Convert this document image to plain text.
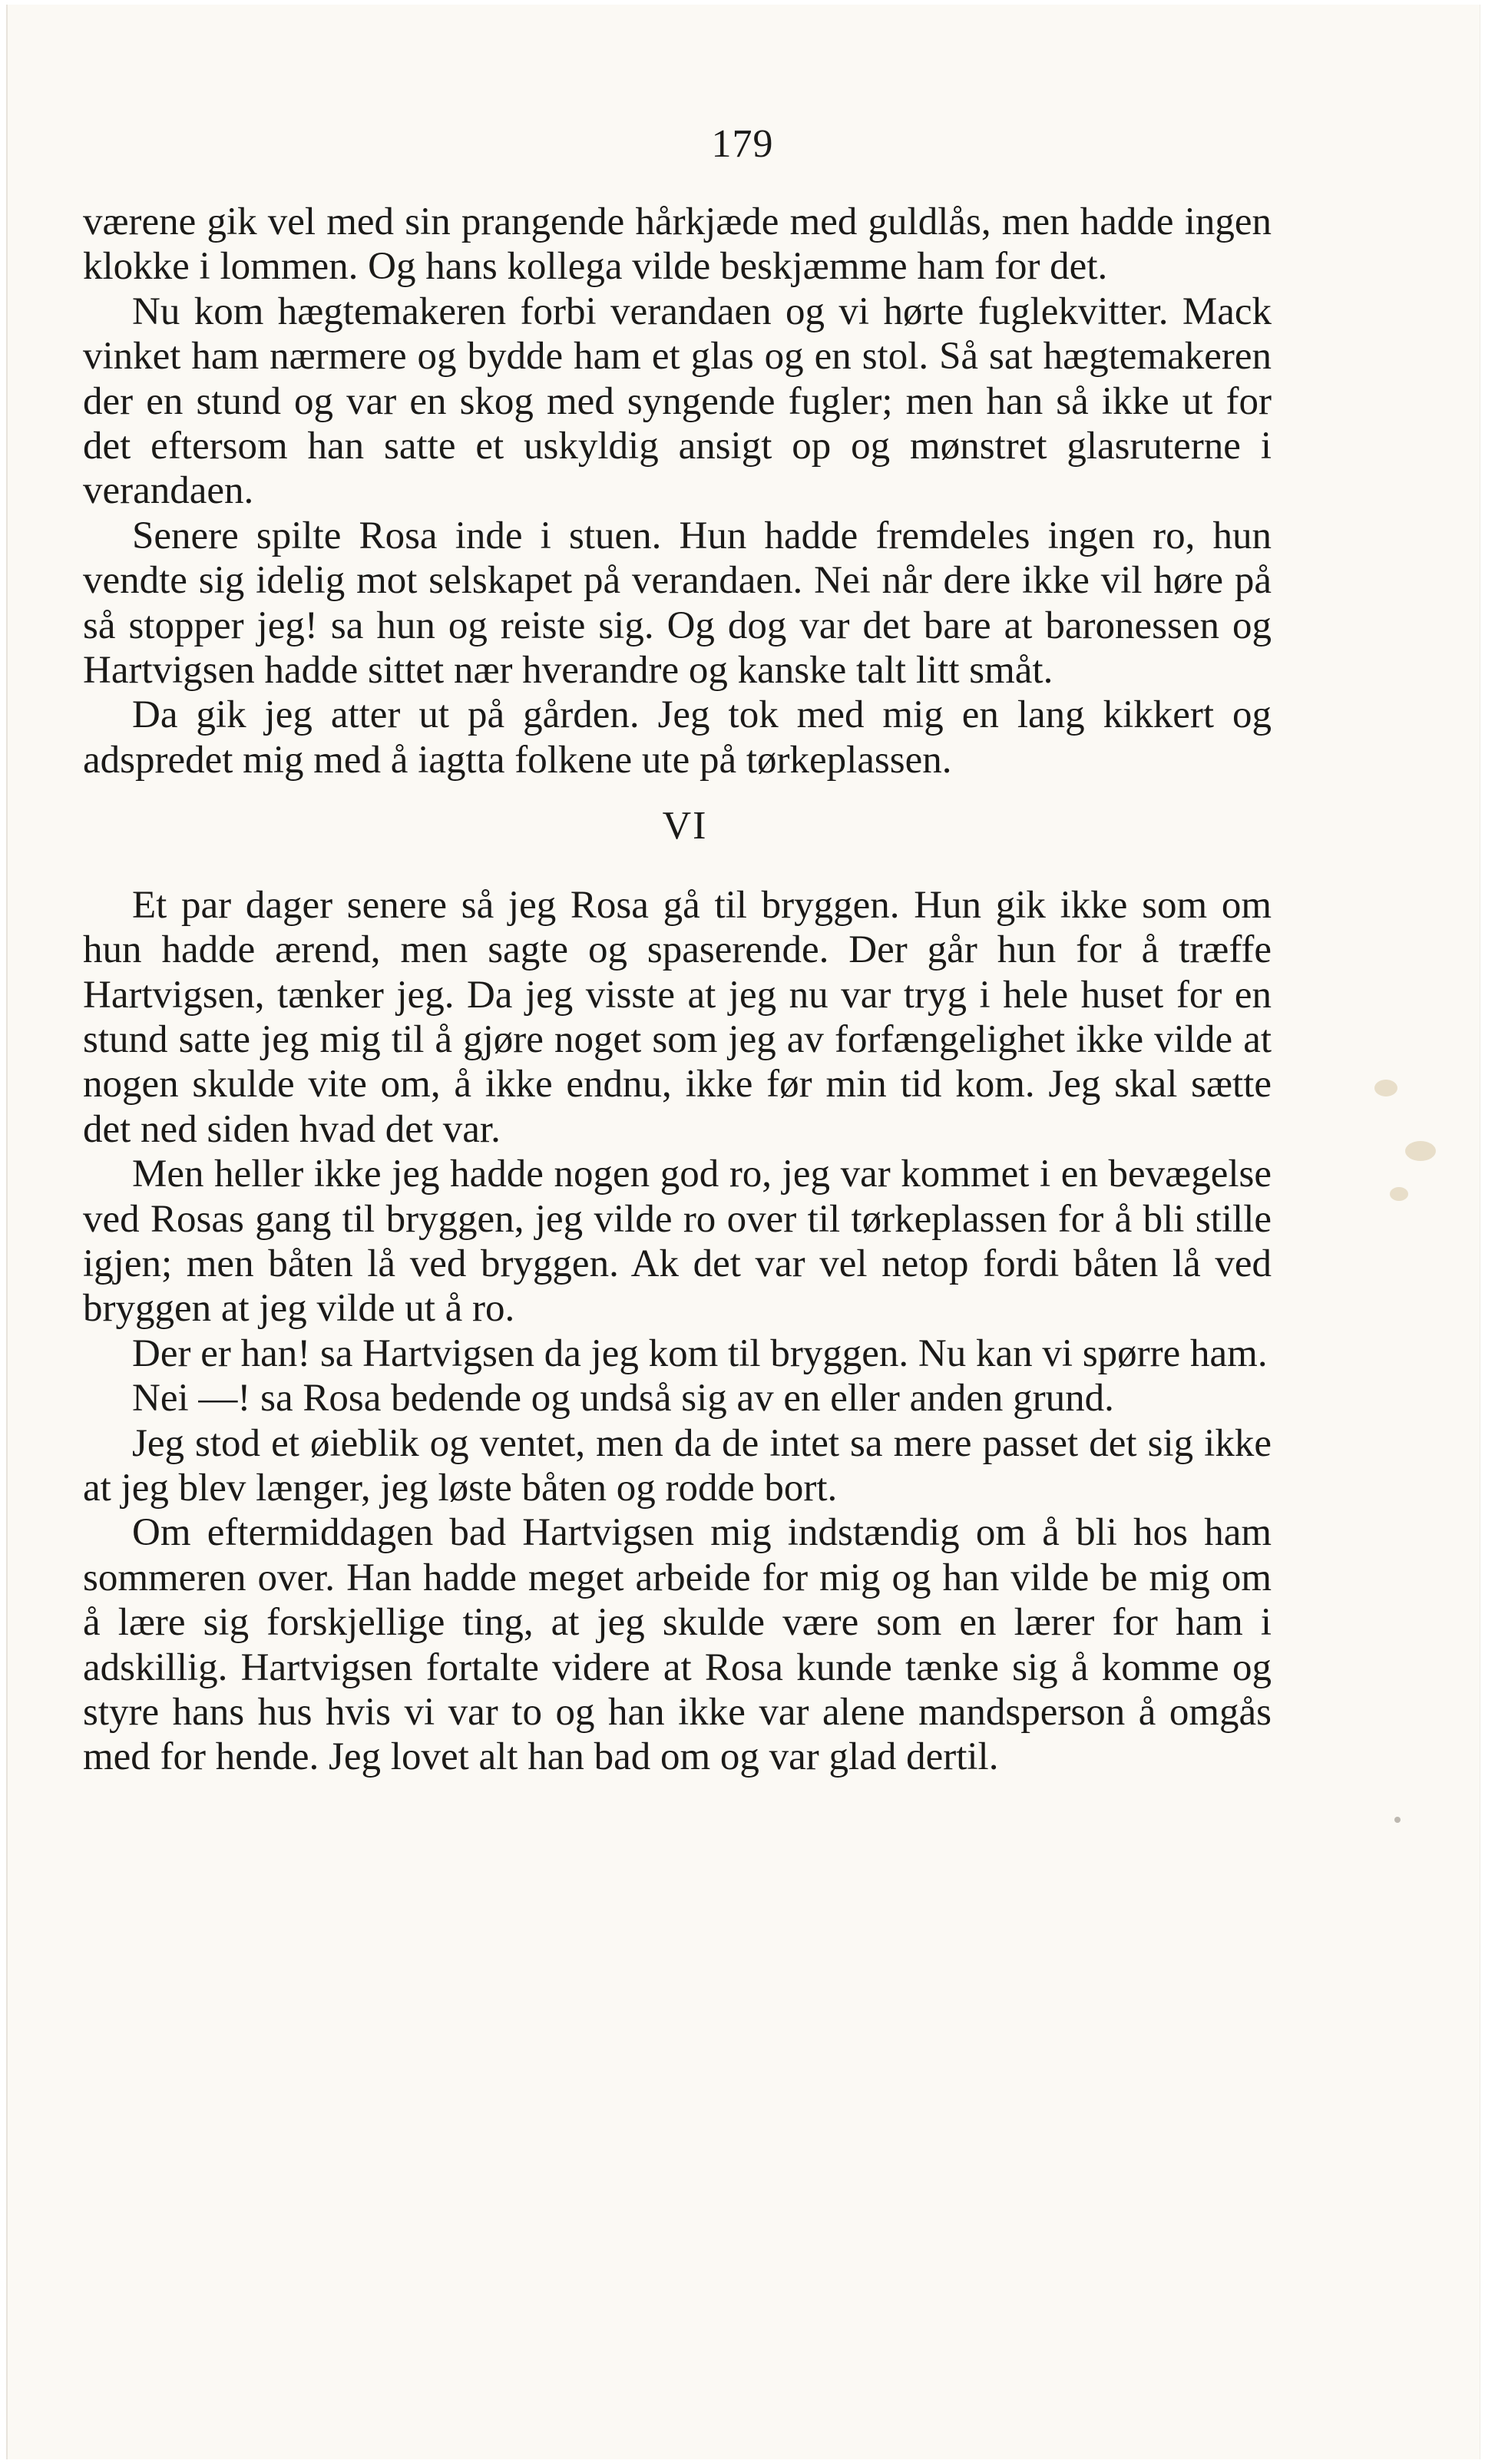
179

værene gik vel med sin prangende hårkjæde med guldlås, men hadde ingen klokke i lommen. Og hans kollega vilde beskjæmme ham for det.

Nu kom hægtemakeren forbi verandaen og vi hørte fuglekvitter. Mack vinket ham nærmere og bydde ham et glas og en stol. Så sat hægtemakeren der en stund og var en skog med syngende fugler; men han så ikke ut for det eftersom han satte et uskyldig ansigt op og mønstret glasruterne i verandaen.

Senere spilte Rosa inde i stuen. Hun hadde fremdeles ingen ro, hun vendte sig idelig mot selskapet på verandaen. Nei når dere ikke vil høre på så stopper jeg! sa hun og reiste sig. Og dog var det bare at baronessen og Hartvigsen hadde sittet nær hverandre og kanske talt litt småt.

Da gik jeg atter ut på gården. Jeg tok med mig en lang kikkert og adspredet mig med å iagtta folkene ute på tørkeplassen.

VI

Et par dager senere så jeg Rosa gå til bryggen. Hun gik ikke som om hun hadde ærend, men sagte og spaserende. Der går hun for å træffe Hartvigsen, tænker jeg. Da jeg visste at jeg nu var tryg i hele huset for en stund satte jeg mig til å gjøre noget som jeg av forfængelighet ikke vilde at nogen skulde vite om, å ikke endnu, ikke før min tid kom. Jeg skal sætte det ned siden hvad det var.

Men heller ikke jeg hadde nogen god ro, jeg var kommet i en bevægelse ved Rosas gang til bryggen, jeg vilde ro over til tørkeplassen for å bli stille igjen; men båten lå ved bryggen. Ak det var vel netop fordi båten lå ved bryggen at jeg vilde ut å ro.

Der er han! sa Hartvigsen da jeg kom til bryggen. Nu kan vi spørre ham.

Nei —! sa Rosa bedende og undså sig av en eller anden grund.

Jeg stod et øieblik og ventet, men da de intet sa mere passet det sig ikke at jeg blev længer, jeg løste båten og rodde bort.

Om eftermiddagen bad Hartvigsen mig indstændig om å bli hos ham sommeren over. Han hadde meget arbeide for mig og han vilde be mig om å lære sig forskjellige ting, at jeg skulde være som en lærer for ham i adskillig. Hartvigsen fortalte videre at Rosa kunde tænke sig å komme og styre hans hus hvis vi var to og han ikke var alene mandsperson å omgås med for hende. Jeg lovet alt han bad om og var glad dertil.
